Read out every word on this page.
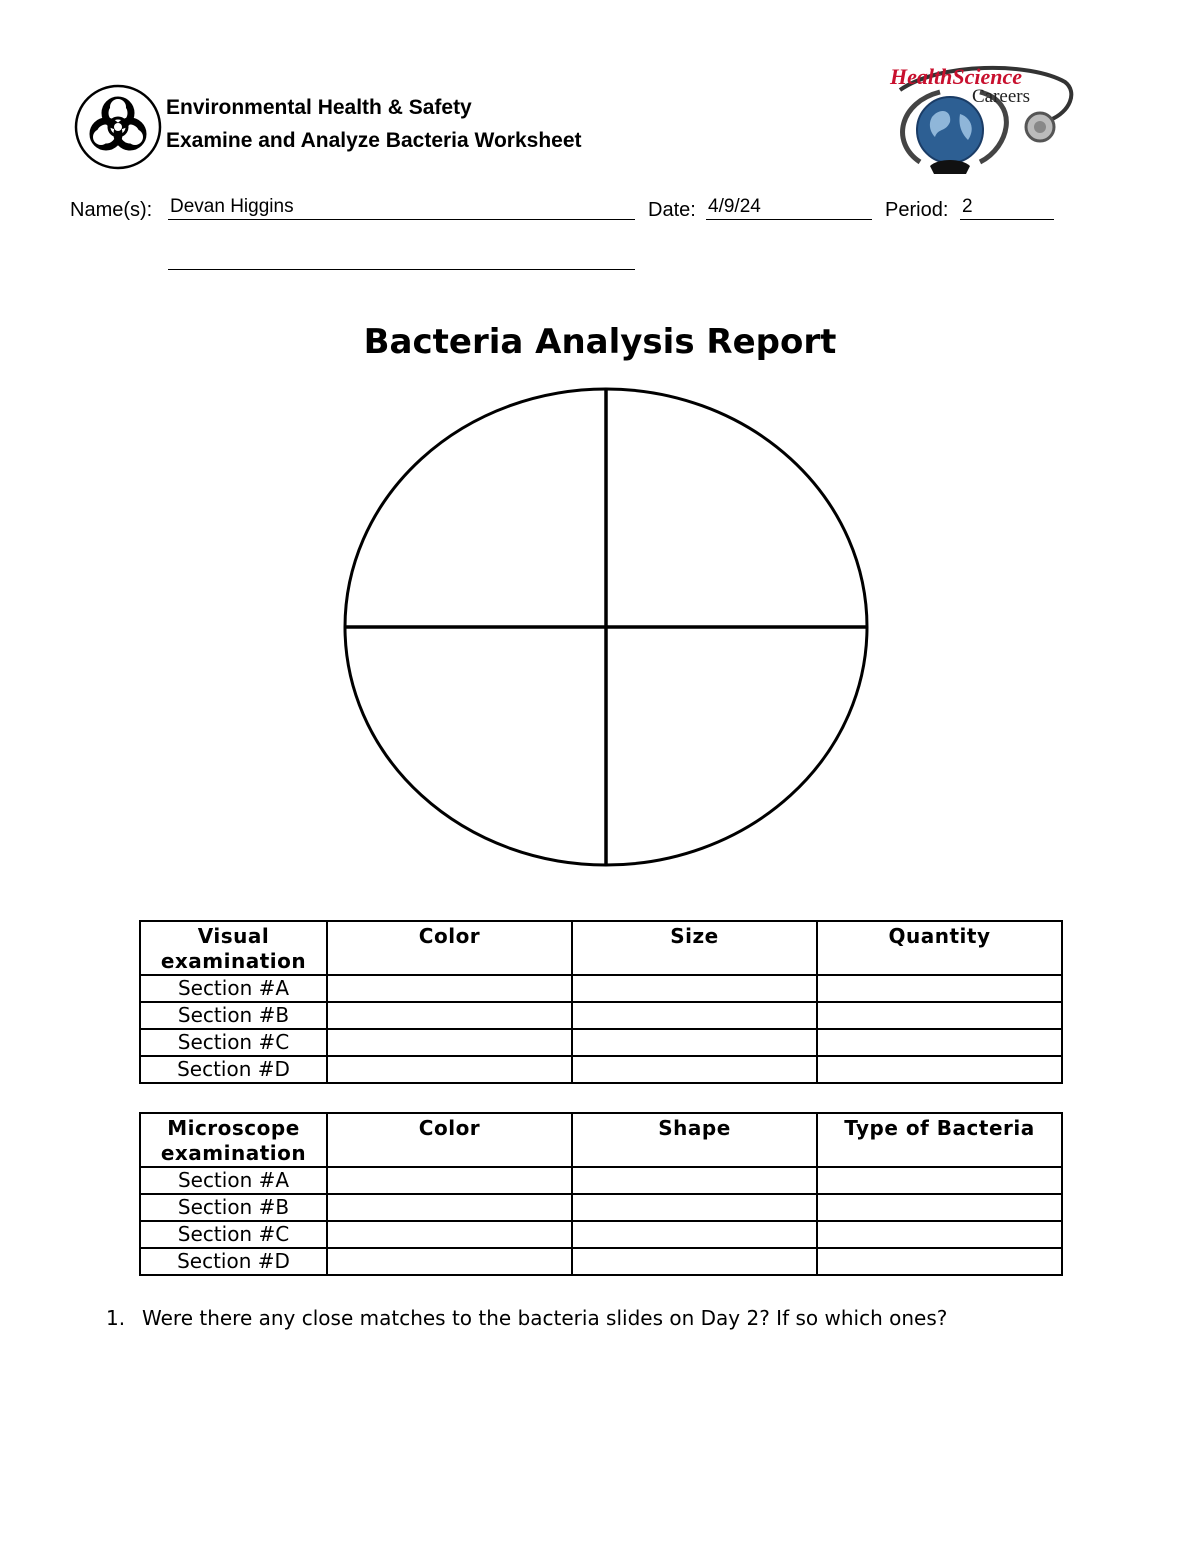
Environmental Health & Safety
Examine and Analyze Bacteria Worksheet
HealthScience
Careers
Name(s): Devan Higgins	Date: 4/9/24	Period: 2
Bacteria Analysis Report
Visual examination	Color	Size	Quantity
Section #A			
Section #B			
Section #C			
Section #D			
Microscope examination	Color	Shape	Type of Bacteria
Section #A			
Section #B			
Section #C			
Section #D			
1. Were there any close matches to the bacteria slides on Day 2? If so which ones?
